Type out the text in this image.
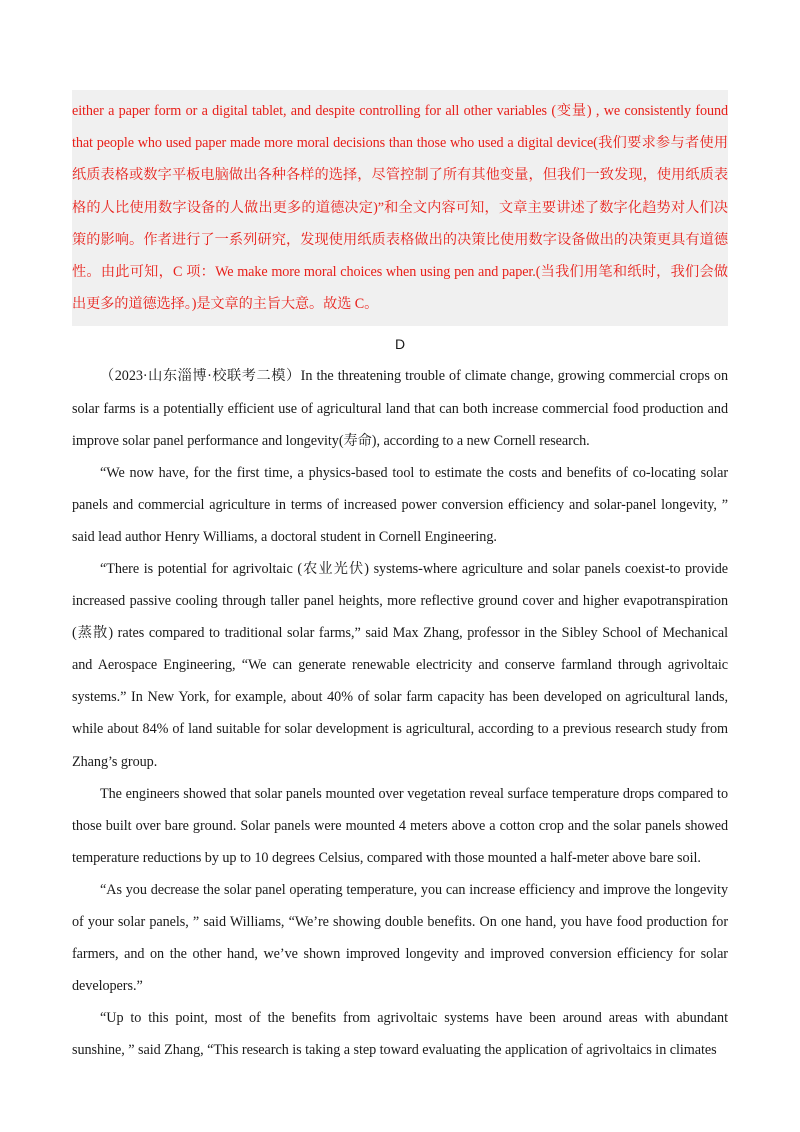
either a paper form or a digital tablet, and despite controlling for all other variables (变量) , we consistently found

that people who used paper made more moral decisions than those who used a digital device(我们要求参与者使用

纸质表格或数字平板电脑做出各种各样的选择，尽管控制了所有其他变量，但我们一致发现，使用纸质表

格的人比使用数字设备的人做出更多的道德决定)”和全文内容可知，文章主要讲述了数字化趋势对人们决

策的影响。作者进行了一系列研究，发现使用纸质表格做出的决策比使用数字设备做出的决策更具有道德

性。由此可知，C 项：We make more moral choices when using pen and paper.(当我们用笔和纸时，我们会做

出更多的道德选择。)是文章的主旨大意。故选 C。

D

（2023·山东淄博·校联考二模）In the threatening trouble of climate change, growing commercial crops on solar farms is a potentially efficient use of agricultural land that can both increase commercial food production and improve solar panel performance and longevity(寿命), according to a new Cornell research.

“We now have, for the first time, a physics-based tool to estimate the costs and benefits of co-locating solar panels and commercial agriculture in terms of increased power conversion efficiency and solar-panel longevity, ” said lead author Henry Williams, a doctoral student in Cornell Engineering.

“There is potential for agrivoltaic (农业光伏) systems-where agriculture and solar panels coexist-to provide increased passive cooling through taller panel heights, more reflective ground cover and higher evapotranspiration (蒸散) rates compared to traditional solar farms,” said Max Zhang, professor in the Sibley School of Mechanical and Aerospace Engineering, “We can generate renewable electricity and conserve farmland through agrivoltaic systems.” In New York, for example, about 40% of solar farm capacity has been developed on agricultural lands, while about 84% of land suitable for solar development is agricultural, according to a previous research study from Zhang’s group.

The engineers showed that solar panels mounted over vegetation reveal surface temperature drops compared to those built over bare ground. Solar panels were mounted 4 meters above a cotton crop and the solar panels showed temperature reductions by up to 10 degrees Celsius, compared with those mounted a half-meter above bare soil.

“As you decrease the solar panel operating temperature, you can increase efficiency and improve the longevity of your solar panels, ” said Williams, “We’re showing double benefits. On one hand, you have food production for farmers, and on the other hand, we’ve shown improved longevity and improved conversion efficiency for solar developers.”

“Up to this point, most of the benefits from agrivoltaic systems have been around areas with abundant sunshine, ” said Zhang, “This research is taking a step toward evaluating the application of agrivoltaics in climates
